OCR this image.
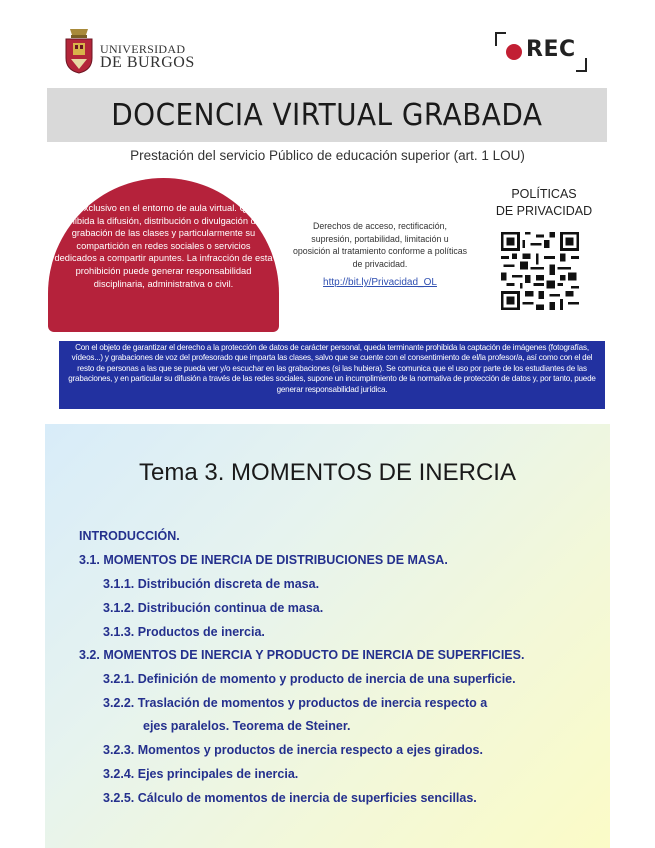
UNIVERSIDAD
DE BURGOS
REC
DOCENCIA VIRTUAL GRABADA
Prestación del servicio Público de educación superior (art. 1 LOU)

Uso exclusivo en el entorno de aula virtual. Queda prohibida la difusión, distribución o divulgación de la grabación de las clases y particularmente su compartición en redes sociales o servicios dedicados a compartir apuntes. La infracción de esta prohibición puede generar responsabilidad disciplinaria, administrativa o civil.

Derechos de acceso, rectificación, supresión, portabilidad, limitación u oposición al tratamiento conforme a políticas de privacidad.
http://bit.ly/Privacidad_OL
POLÍTICAS
DE PRIVACIDAD
Con el objeto de garantizar el derecho a la protección de datos de carácter personal, queda terminante prohibida la captación de imágenes (fotografías, vídeos...) y grabaciones de voz del profesorado que imparta las clases, salvo que se cuente con el consentimiento de el/la profesor/a, así como con el del resto de personas a las que se pueda ver y/o escuchar en las grabaciones (si las hubiera). Se comunica que el uso por parte de los estudiantes de las grabaciones, y en particular su difusión a través de las redes sociales, supone un incumplimiento de la normativa de protección de datos y, por tanto, puede generar responsabilidad jurídica.
Tema 3. MOMENTOS DE INERCIA
INTRODUCCIÓN.
3.1. MOMENTOS DE INERCIA DE DISTRIBUCIONES DE MASA.
3.1.1. Distribución discreta de masa.
3.1.2. Distribución continua de masa.
3.1.3. Productos de inercia.
3.2. MOMENTOS DE INERCIA Y PRODUCTO DE INERCIA DE SUPERFICIES.
3.2.1. Definición de momento y producto de inercia de una superficie.
3.2.2. Traslación de momentos y productos de inercia respecto a
ejes paralelos. Teorema de Steiner.
3.2.3. Momentos y productos de inercia respecto a ejes girados.
3.2.4. Ejes principales de inercia.
3.2.5. Cálculo de momentos de inercia de superficies sencillas.
